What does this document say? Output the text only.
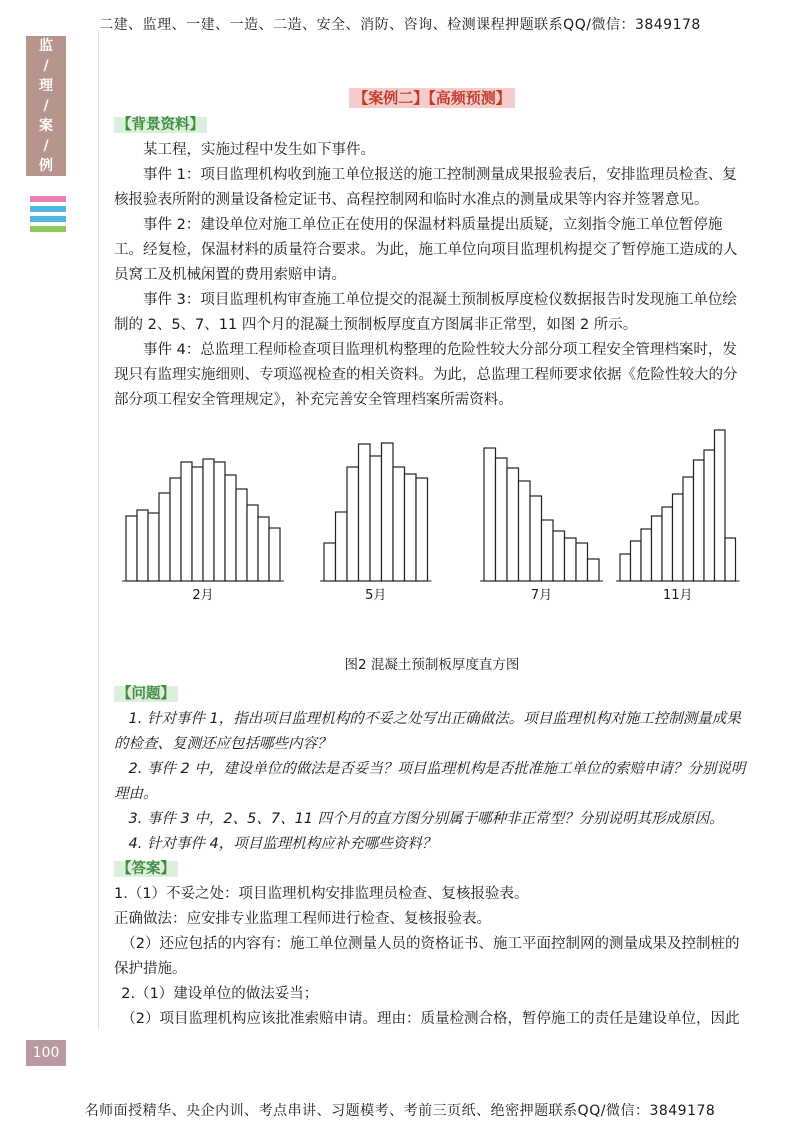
二建、监理、一建、一造、二造、安全、消防、咨询、检测课程押题联系QQ/微信：3849178
监
/
理
/
案
/
例
【案例二】【高频预测】
【背景资料】

某工程，实施过程中发生如下事件。

事件 1：项目监理机构收到施工单位报送的施工控制测量成果报验表后，安排监理员检查、复核报验表所附的测量设备检定证书、高程控制网和临时水准点的测量成果等内容并签署意见。

事件 2：建设单位对施工单位正在使用的保温材料质量提出质疑，立刻指令施工单位暂停施工。经复检，保温材料的质量符合要求。为此，施工单位向项目监理机构提交了暂停施工造成的人员窝工及机械闲置的费用索赔申请。

事件 3：项目监理机构审查施工单位提交的混凝土预制板厚度检仪数据报告时发现施工单位绘制的 2、5、7、11 四个月的混凝土预制板厚度直方图属非正常型，如图 2 所示。

事件 4：总监理工程师检查项目监理机构整理的危险性较大分部分项工程安全管理档案时，发现只有监理实施细则、专项巡视检查的相关资料。为此，总监理工程师要求依据《危险性较大的分部分项工程安全管理规定》，补充完善安全管理档案所需资料。

2月	5月	7月	11月
图2 混凝土预制板厚度直方图
【问题】

1. 针对事件 1，指出项目监理机构的不妥之处写出正确做法。项目监理机构对施工控制测量成果的检查、复测还应包括哪些内容？

2. 事件 2 中，建设单位的做法是否妥当？项目监理机构是否批准施工单位的索赔申请？分别说明理由。

3. 事件 3 中，2、5、7、11 四个月的直方图分别属于哪种非正常型？分别说明其形成原因。

4. 针对事件 4，项目监理机构应补充哪些资料？

【答案】

1.（1）不妥之处：项目监理机构安排监理员检查、复核报验表。

正确做法：应安排专业监理工程师进行检查、复核报验表。

（2）还应包括的内容有：施工单位测量人员的资格证书、施工平面控制网的测量成果及控制桩的保护措施。

2.（1）建设单位的做法妥当；

（2）项目监理机构应该批准索赔申请。理由：质量检测合格，暂停施工的责任是建设单位，因此

100
名师面授精华、央企内训、考点串讲、习题模考、考前三页纸、绝密押题联系QQ/微信：3849178
